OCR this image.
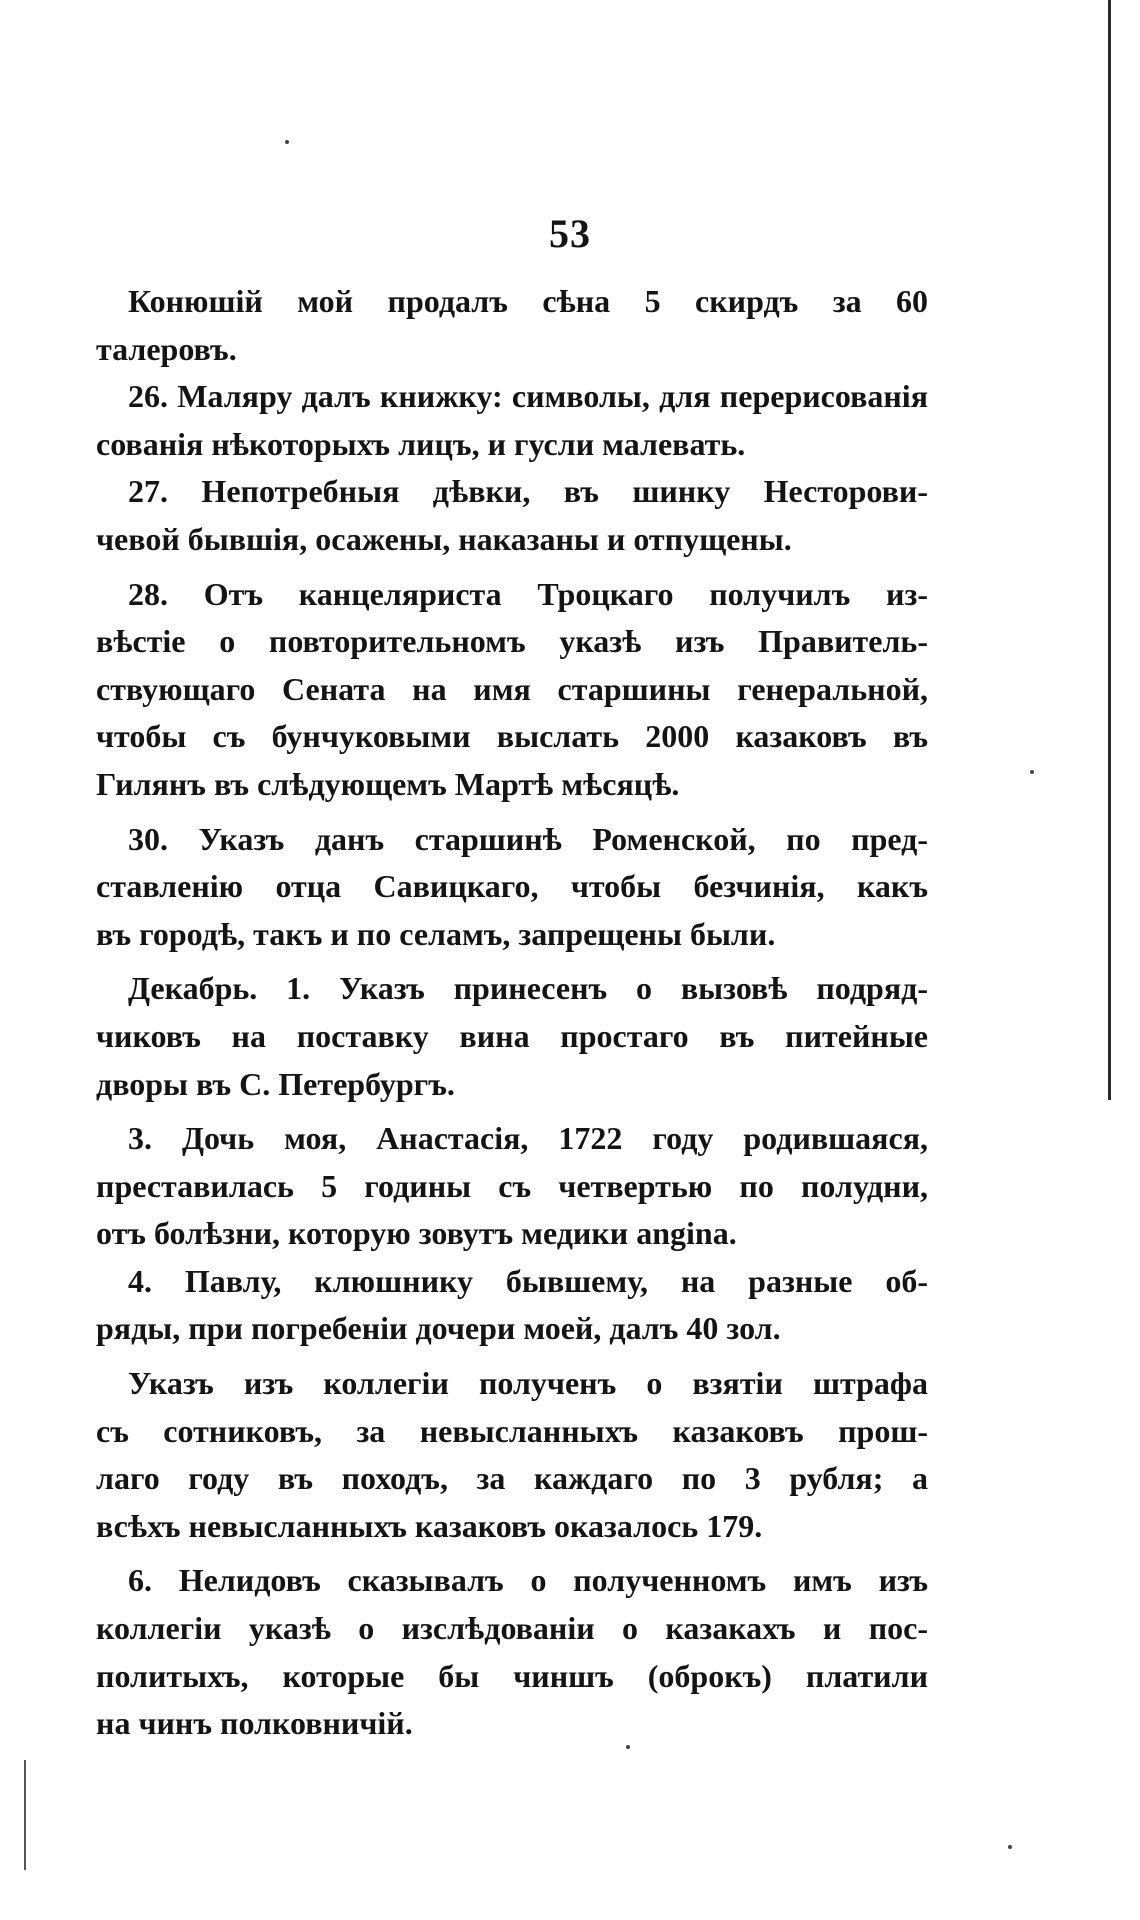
53
Конюшій мой продалъ сѣна 5 скирдъ за 60
талеровъ.
26. Маляру далъ книжку: символы, для перерисованія
сованія нѣкоторыхъ лицъ, и гусли малевать.
27. Непотребныя дѣвки, въ шинку Несторови-
чевой бывшія, осажены, наказаны и отпущены.
28. Отъ канцеляриста Троцкаго получилъ из-
вѣстіе о повторительномъ указѣ изъ Правитель-
ствующаго Сената на имя старшины генеральной,
чтобы съ бунчуковыми выслать 2000 казаковъ въ
Гилянъ въ слѣдующемъ Мартѣ мѣсяцѣ.
30. Указъ данъ старшинѣ Роменской, по пред-
ставленію отца Савицкаго, чтобы безчинія, какъ
въ городѣ, такъ и по селамъ, запрещены были.
Декабрь. 1. Указъ принесенъ о вызовѣ подряд-
чиковъ на поставку вина простаго въ питейные
дворы въ С. Петербургъ.
3. Дочь моя, Анастасія, 1722 году родившаяся,
преставилась 5 годины съ четвертью по полудни,
отъ болѣзни, которую зовутъ медики angina.
4. Павлу, клюшнику бывшему, на разные об-
ряды, при погребеніи дочери моей, далъ 40 зол.
Указъ изъ коллегіи полученъ о взятіи штрафа
съ сотниковъ, за невысланныхъ казаковъ прош-
лаго году въ походъ, за каждаго по 3 рубля; а
всѣхъ невысланныхъ казаковъ оказалось 179.
6. Нелидовъ сказывалъ о полученномъ имъ изъ
коллегіи указѣ о изслѣдованіи о казакахъ и пос-
политыхъ, которые бы чиншъ (оброкъ) платили
на чинъ полковничій.
